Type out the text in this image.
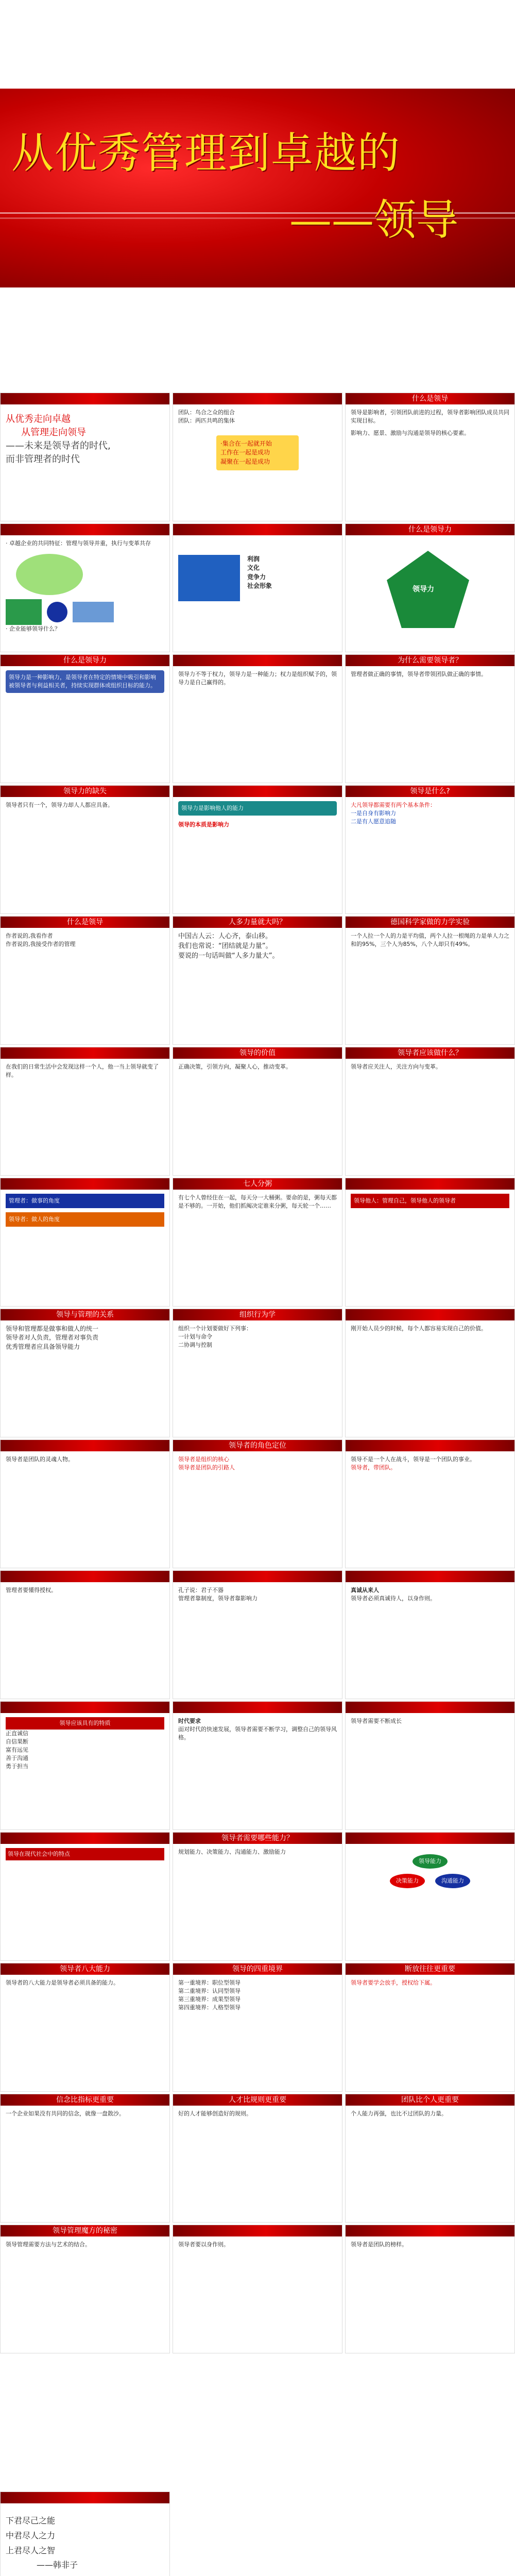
从优秀管理到卓越的
——领导
从优秀走向卓越
从管理走向领导
——未来是领导者的时代,
而非管理者的时代
团队：鸟合之众的组合
团队：两匹共鸣的集体
·集合在一起就开始
工作在一起是成功
凝聚在一起是成功
什么是领导

领导是影响者，引领团队前进的过程，领导者影响团队成员共同实现目标。

影响力、愿景、激励与沟通是领导的核心要素。

· 卓越企业的共同特征：管理与领导并重，执行与变革共存
· 企业能够领导什么？
利润
文化
竞争力
社会形象
什么是领导力
领导力
什么是领导力
领导力是一种影响力，是领导者在特定的情境中吸引和影响被领导者与利益相关者，持续实现群体或组织目标的能力。

领导力不等于权力，领导力是一种能力；权力是组织赋予的，领导力是自己赢得的。

为什么需要领导者？

管理者做正确的事情，领导者带领团队做正确的事情。

领导力的缺失

领导者只有一个，领导力却人人都应具备。	领导力是影响他人的能力
领导的本质是影响力
领导是什么?

大凡领导都需要有两个基本条件：

一是自身有影响力

二是有人愿意追随

什么是领导

作者说的,我看作者

作者说的,我接受作者的管理

人多力量就大吗？

中国古人云：人心齐，泰山移。

我们也常说：“团结就是力量”。

要说的一句话叫做“人多力量大”。

德国科学家做的力学实验

一个人拉一个人的力是平均值，两个人拉一根绳的力是单人力之和的95%，三个人为85%，八个人却只有49%。

在我们的日常生活中会发现这样一个人，他一当上领导就变了样。

领导的价值

正确决策，引领方向，凝聚人心，推动变革。

领导者应该做什么？

领导者应关注人，关注方向与变革。

管理者：做事的角度
领导者：做人的角度
七人分粥

有七个人曾经住在一起，每天分一大桶粥。要命的是，粥每天都是不够的。一开始，他们抓阄决定谁来分粥，每天轮一个……

领导他人：管理自己，领导他人的领导者
领导与管理的关系

领导和管理都是做事和做人的统一

领导者对人负责，管理者对事负责

优秀管理者应具备领导能力

组织行为学

组织一个计划要做好下列事：

一计划与命令

二协调与控制

刚开始人员少的时候，每个人都容易实现自己的价值。

领导者是团队的灵魂人物。

领导者的角色定位

领导者是组织的核心

领导者是团队的引路人

领导不是一个人在战斗，领导是一个团队的事业。

领导者，带团队。

管理者要懂得授权。	孔子说：君子不器

管理者靠制度，领导者靠影响力

真诚从来人

领导者必须真诚待人，以身作则。

领导应该具有的特质

正直诚信

自信果断

富有远见

善于沟通

勇于担当

时代要求

面对时代的快速发展，领导者需要不断学习，调整自己的领导风格。

领导者需要不断成长

领导在现代社会中的特点
领导者需要哪些能力？

规划能力、决策能力、沟通能力、激励能力

领导能力
决策能力	沟通能力
领导者八大能力

领导者的八大能力是领导者必须具备的能力。

领导的四重境界

第一重境界：职位型领导

第二重境界：认同型领导

第三重境界：成果型领导

第四重境界：人格型领导

断放往往更重要

领导者要学会放手，授权给下属。

信念比指标更重要

一个企业如果没有共同的信念，就像一盘散沙。

人才比规则更重要

好的人才能够创造好的规则。

团队比个人更重要

个人能力再强，也比不过团队的力量。

领导管理魔方的秘密

领导管理需要方法与艺术的结合。	领导者要以身作则。	领导者是团队的榜样。

下君尽己之能
中君尽人之力
上君尽人之智
——韩非子
